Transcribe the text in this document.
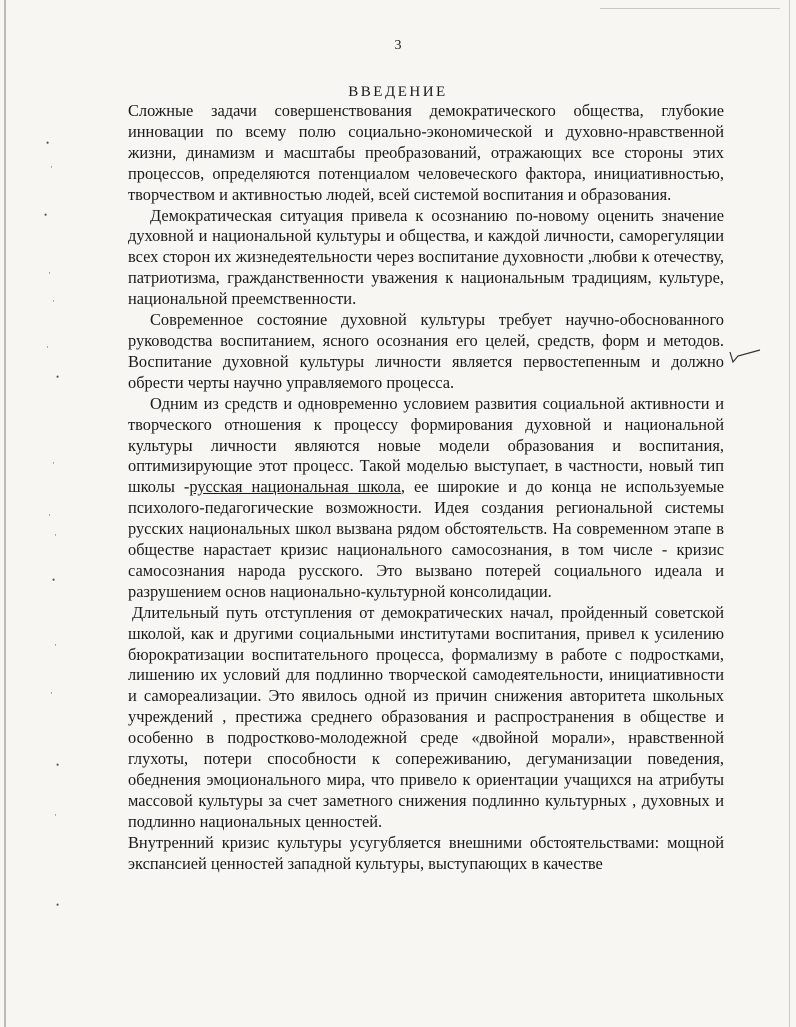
•
·
•
·
·
·
•
·
·
·
•
·
·
•
·
•
3
ВВЕДЕНИЕ

Сложные задачи совершенствования демократического общества, глубокие инновации по всему полю социально-экономической и духовно-нравственной жизни, динамизм и масштабы преобразований, отражающих все стороны этих процессов, определяются потенциалом человеческого фактора, инициативностью, творчеством и активностью людей, всей системой воспитания и образования.

Демократическая ситуация привела к осознанию по-новому оценить значение духовной и национальной культуры и общества, и каждой личности, саморегуляции всех сторон их жизнедеятельности через воспитание духовности ,любви к отечеству, патриотизма, гражданственности уважения к национальным традициям, культуре, национальной преемственности.

Современное состояние духовной культуры требует научно-обоснованного руководства воспитанием, ясного осознания его целей, средств, форм и методов. Воспитание духовной культуры личности является первостепенным и должно обрести черты научно управляемого процесса.

Одним из средств и одновременно условием развития социальной активности и творческого отношения к процессу формирования духовной и национальной культуры личности являются новые модели образования и воспитания, оптимизирующие этот процесс. Такой моделью выступает, в частности, новый тип школы -русская национальная школа, ее широкие и до конца не используемые психолого-педагогические возможности. Идея создания региональной системы русских национальных школ вызвана рядом обстоятельств. На современном этапе в обществе нарастает кризис национального самосознания, в том числе - кризис самосознания народа русского. Это вызвано потерей социального идеала и разрушением основ национально-культурной консолидации.

Длительный путь отступления от демократических начал, пройденный советской школой, как и другими социальными институтами воспитания, привел к усилению бюрократизации воспитательного процесса, формализму в работе с подростками, лишению их условий для подлинно творческой самодеятельности, инициативности и самореализации. Это явилось одной из причин снижения авторитета школьных учреждений , престижа среднего образования и распространения в обществе и особенно в подростково-молодежной среде «двойной морали», нравственной глухоты, потери способности к сопереживанию, дегуманизации поведения, обеднения эмоционального мира, что привело к ориентации учащихся на атрибуты массовой культуры за счет заметного снижения подлинно культурных , духовных и подлинно национальных ценностей.

Внутренний кризис культуры усугубляется внешними обстоятельствами: мощной экспансией ценностей западной культуры, выступающих в качестве
